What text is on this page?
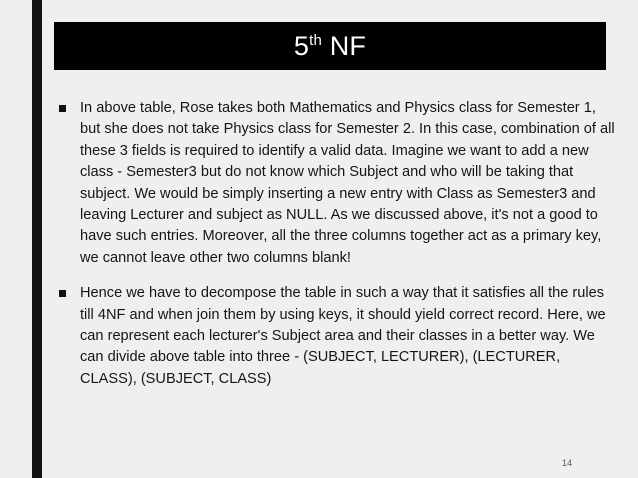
5th NF

In above table, Rose takes both Mathematics and Physics class for Semester 1, but she does not take Physics class for Semester 2. In this case, combination of all these 3 fields is required to identify a valid data. Imagine we want to add a new class - Semester3 but do not know which Subject and who will be taking that subject. We would be simply inserting a new entry with Class as Semester3 and leaving Lecturer and subject as NULL. As we discussed above, it's not a good to have such entries. Moreover, all the three columns together act as a primary key, we cannot leave other two columns blank!

Hence we have to decompose the table in such a way that it satisfies all the rules till 4NF and when join them by using keys, it should yield correct record. Here, we can represent each lecturer's Subject area and their classes in a better way. We can divide above table into three - (SUBJECT, LECTURER), (LECTURER, CLASS), (SUBJECT, CLASS)

14
